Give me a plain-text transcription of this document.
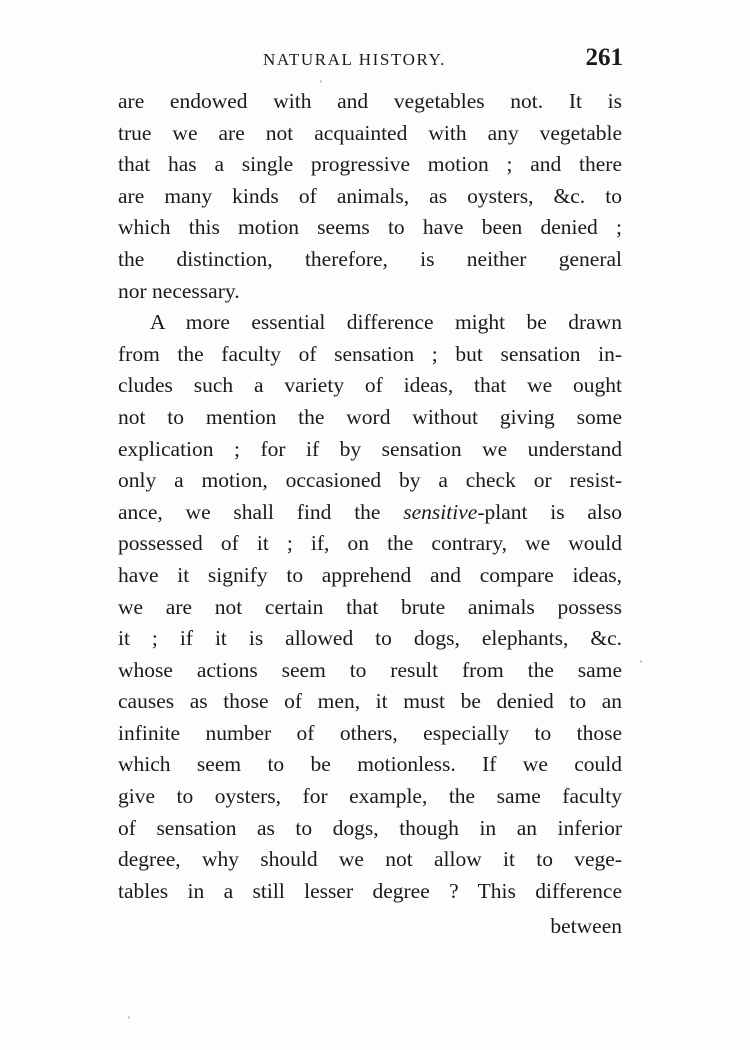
NATURAL HISTORY.	261
are endowed with and vegetables not. It is
true we are not acquainted with any vegetable
that has a single progressive motion ; and there
are many kinds of animals, as oysters, &c. to
which this motion seems to have been denied ;
the distinction, therefore, is neither general
nor necessary.
A more essential difference might be drawn
from the faculty of sensation ; but sensation in-
cludes such a variety of ideas, that we ought
not to mention the word without giving some
explication ; for if by sensation we understand
only a motion, occasioned by a check or resist-
ance, we shall find the sensitive-plant is also
possessed of it ; if, on the contrary, we would
have it signify to apprehend and compare ideas,
we are not certain that brute animals possess
it ; if it is allowed to dogs, elephants, &c.
whose actions seem to result from the same
causes as those of men, it must be denied to an
infinite number of others, especially to those
which seem to be motionless. If we could
give to oysters, for example, the same faculty
of sensation as to dogs, though in an inferior
degree, why should we not allow it to vege-
tables in a still lesser degree ? This difference
between
